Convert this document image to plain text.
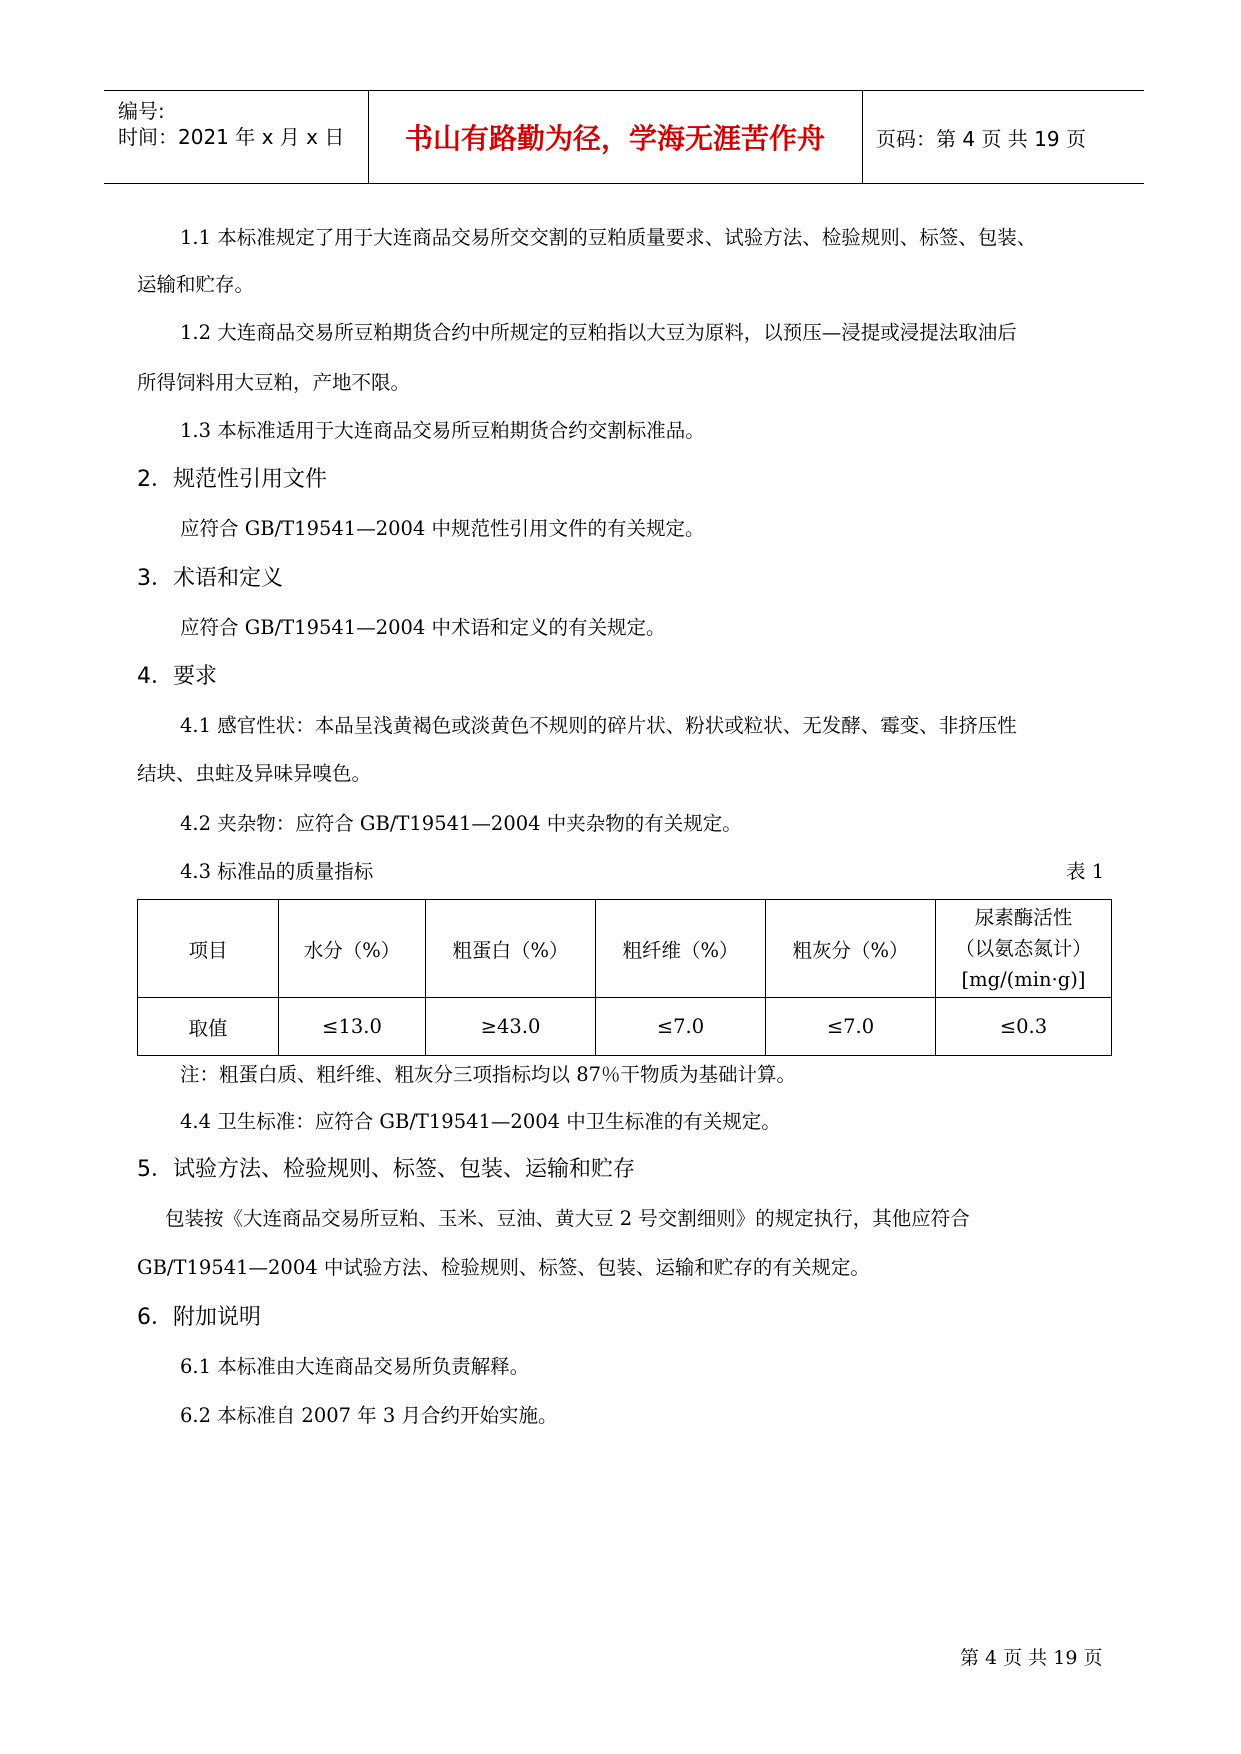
编号:
时间：2021 年 x 月 x 日	书山有路勤为径，学海无涯苦作舟	页码：第 4 页 共 19 页
1.1 本标准规定了用于大连商品交易所交交割的豆粕质量要求、试验方法、检验规则、标签、包装、
运输和贮存。
1.2 大连商品交易所豆粕期货合约中所规定的豆粕指以大豆为原料，以预压—浸提或浸提法取油后
所得饲料用大豆粕，产地不限。
1.3 本标准适用于大连商品交易所豆粕期货合约交割标准品。
2．规范性引用文件
应符合 GB/T19541—2004 中规范性引用文件的有关规定。
3．术语和定义
应符合 GB/T19541—2004 中术语和定义的有关规定。
4．要求
4.1 感官性状：本品呈浅黄褐色或淡黄色不规则的碎片状、粉状或粒状、无发酵、霉变、非挤压性
结块、虫蛀及异味异嗅色。
4.2 夹杂物：应符合 GB/T19541—2004 中夹杂物的有关规定。
4.3 标准品的质量指标	表 1
项目	水分（%）	粗蛋白（%）	粗纤维（%）	粗灰分（%）	尿素酶活性
（以氨态氮计）
[mg/(min·g)]

取值	≤13.0	≥43.0	≤7.0	≤7.0	≤0.3
注：粗蛋白质、粗纤维、粗灰分三项指标均以 87％干物质为基础计算。
4.4 卫生标准：应符合 GB/T19541—2004 中卫生标准的有关规定。
5．试验方法、检验规则、标签、包装、运输和贮存
包装按《大连商品交易所豆粕、玉米、豆油、黄大豆 2 号交割细则》的规定执行，其他应符合
GB/T19541—2004 中试验方法、检验规则、标签、包装、运输和贮存的有关规定。
6．附加说明
6.1 本标准由大连商品交易所负责解释。
6.2 本标准自 2007 年 3 月合约开始实施。
第 4 页 共 19 页
